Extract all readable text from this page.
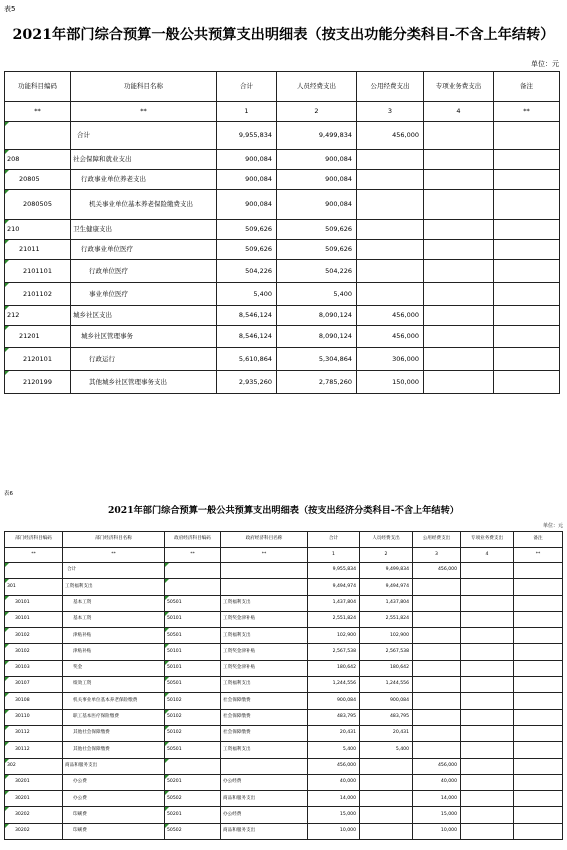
表5
2021年部门综合预算一般公共预算支出明细表（按支出功能分类科目-不含上年结转）
单位：元
功能科目编码	功能科目名称	合计	人员经费支出	公用经费支出	专项业务费支出	备注
**	**	1	2	3	4	**
	合计	9,955,834	9,499,834	456,000		
208	社会保障和就业支出	900,084	900,084			
20805	行政事业单位养老支出	900,084	900,084			
2080505	机关事业单位基本养老保险缴费支出	900,084	900,084			
210	卫生健康支出	509,626	509,626			
21011	行政事业单位医疗	509,626	509,626			
2101101	行政单位医疗	504,226	504,226			
2101102	事业单位医疗	5,400	5,400			
212	城乡社区支出	8,546,124	8,090,124	456,000		
21201	城乡社区管理事务	8,546,124	8,090,124	456,000		
2120101	行政运行	5,610,864	5,304,864	306,000		
2120199	其他城乡社区管理事务支出	2,935,260	2,785,260	150,000		
表6
2021年部门综合预算一般公共预算支出明细表（按支出经济分类科目-不含上年结转）
单位：元
部门经济科目编码	部门经济科目名称	政府经济科目编码	政府经济科目名称	合计	人员经费支出	公用经费支出	专项业务费支出	备注
**	**	**	**	1	2	3	4	**
	合计			9,955,834	9,499,834	456,000		
301	工资福利支出			9,494,974	9,494,974			
30101	基本工资	50501	工资福利支出	1,437,804	1,437,804			
30101	基本工资	50101	工资奖金津补贴	2,551,824	2,551,824			
30102	津贴补贴	50501	工资福利支出	102,900	102,900			
30102	津贴补贴	50101	工资奖金津补贴	2,567,538	2,567,538			
30103	奖金	50101	工资奖金津补贴	180,642	180,642			
30107	绩效工资	50501	工资福利支出	1,244,556	1,244,556			
30108	机关事业单位基本养老保险缴费	50102	社会保障缴费	900,084	900,084			
30110	职工基本医疗保险缴费	50102	社会保障缴费	483,795	483,795			
30112	其他社会保障缴费	50102	社会保障缴费	20,431	20,431			
30112	其他社会保障缴费	50501	工资福利支出	5,400	5,400			
302	商品和服务支出			456,000		456,000		
30201	办公费	50201	办公经费	40,000		40,000		
30201	办公费	50502	商品和服务支出	14,000		14,000		
30202	印刷费	50201	办公经费	15,000		15,000		
30202	印刷费	50502	商品和服务支出	10,000		10,000		
